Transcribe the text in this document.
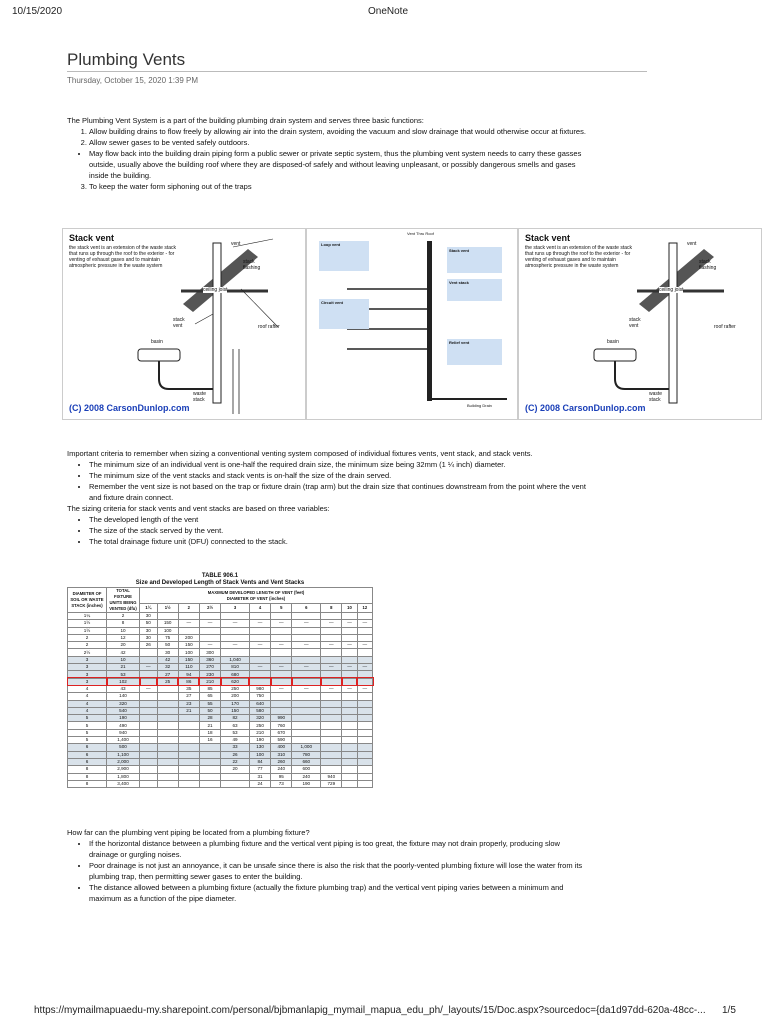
10/15/2020	OneNote
Plumbing Vents
Thursday, October 15, 2020 1:39 PM

The Plumbing Vent System is a part of the building plumbing drain system and serves three basic functions:

1. Allow building drains to flow freely by allowing air into the drain system, avoiding the vacuum and slow drainage that would otherwise occur at fixtures.
2. Allow sewer gases to be vented safely outdoors.
• May flow back into the building drain piping form a public sewer or private septic system, thus the plumbing vent system needs to carry these gasses outside, usually above the building roof where they are disposed-of safely and without leaving unpleasant, or possibly dangerous smells and gases inside the building.
3. To keep the water form siphoning out of the traps
Stack vent
the stack vent is an extension of the waste stack that runs up through the roof to the exterior - for venting of exhaust gases and to maintain atmospheric pressure in the waste system
vent
stack flashing
ceiling joist
roof rafter
stack vent
basin
waste stack
(C) 2008 CarsonDunlop.com
Vent Thru Roof
Loop vent
Stack vent
Vent stack
Circuit vent
Relief vent
Building Drain
Stack vent
the stack vent is an extension of the waste stack that runs up through the roof to the exterior - for venting of exhaust gases and to maintain atmospheric pressure in the waste system
vent
stack flashing
ceiling joist
roof rafter
stack vent
basin
waste stack
(C) 2008 CarsonDunlop.com

Important criteria to remember when sizing a conventional venting system composed of individual fixtures vents, vent stack, and stack vents.

• The minimum size of an individual vent is one-half the required drain size, the minimum size being 32mm (1 ¼ inch) diameter.
• The minimum size of the vent stacks and stack vents is on-half the size of the drain served.
• Remember the vent size is not based on the trap or fixture drain (trap arm) but the drain size that continues downstream from the point where the vent and fixture drain connect.

The sizing criteria for stack vents and vent stacks are based on three variables:

• The developed length of the vent
• The size of the stack served by the vent.
• The total drainage fixture unit (DFU) connected to the stack.
TABLE 906.1
Size and Developed Length of Stack Vents and Vent Stacks
DIAMETER OF SOIL OR WASTE STACK (inches)	TOTAL FIXTURE UNITS BEING VENTED (dfu)	MAXIMUM DEVELOPED LENGTH OF VENT (feet)
DIAMETER OF VENT (inches)										
		1¼	1½	2	2½	3	4	5	6	8	10	12
1¼	2	30										
1½	8	50	150	—	—	—	—	—	—	—	—	—
1½	10	30	100									
2	12	30	75	200								
2	20	26	50	150	—	—	—	—	—	—	—	—
2½	42		30	100	300							
3	10		42	150	360	1,040						
3	21	—	32	110	270	810	—	—	—	—	—	—
3	53		27	94	230	680						
3	102		25	86	210	620						
4	43	—		35	85	250	980	—	—	—	—	—
4	140			27	65	200	750					
4	320			23	55	170	640					
4	540			21	50	150	580					
5	190				28	82	320	990				
5	490				21	63	250	760				
5	940				18	53	210	670				
5	1,400				16	49	190	590				
6	500					33	130	400	1,000			
6	1,100					26	100	310	780			
6	2,000					22	84	260	660			
8	2,900					20	77	240	600			
8	1,800						31	95	240	940		
8	3,400						24	73	190	729		

How far can the plumbing vent piping be located from a plumbing fixture?

• If the horizontal distance between a plumbing fixture and the vertical vent piping is too great, the fixture may not drain properly, producing slow drainage or gurgling noises.
• Poor drainage is not just an annoyance, it can be unsafe since there is also the risk that the poorly-vented plumbing fixture will lose the water from its plumbing trap, then permitting sewer gases to enter the building.
• The distance allowed between a plumbing fixture (actually the fixture plumbing trap) and the vertical vent piping varies between a minimum and maximum as a function of the pipe diameter.
https://mymailmapuaedu-my.sharepoint.com/personal/bjbmanlapig_mymail_mapua_edu_ph/_layouts/15/Doc.aspx?sourcedoc={da1d97dd-620a-48cc-... 1/5
